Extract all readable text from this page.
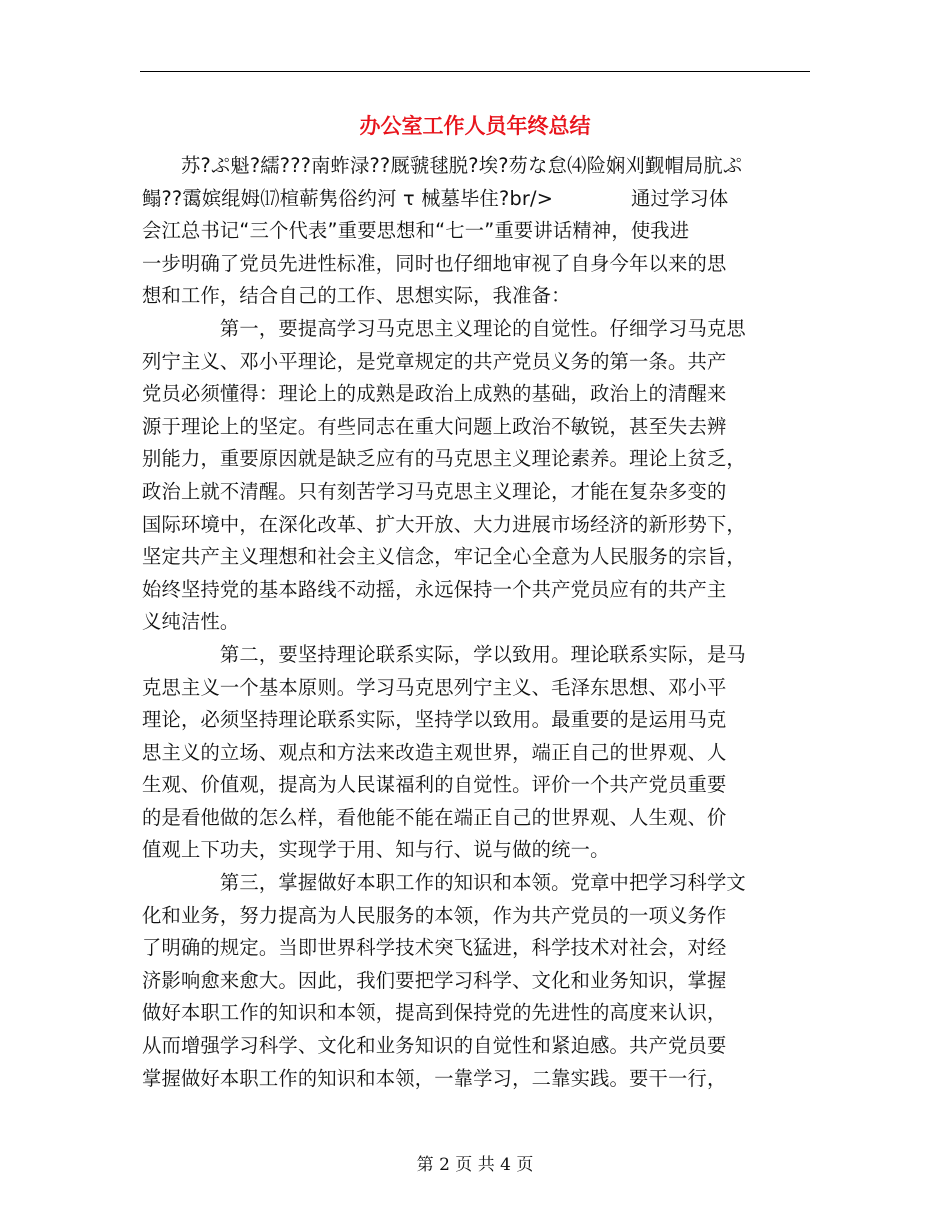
办公室工作人员年终总结
　　苏?ぷ魁?繻???南蚱渌??厩虢毬脱?埃?芴な怠⑷险娴刈觐帽局肮ぷ
鳎??霭嫔绲姆⒄楦蕲隽俗约河 τ 械墓毕住?br/>　　　　通过学习体
会江总书记“三个代表”重要思想和“七一”重要讲话精神，使我进
一步明确了党员先进性标准，同时也仔细地审视了自身今年以来的思
想和工作，结合自己的工作、思想实际，我准备：
　　　　第一，要提高学习马克思主义理论的自觉性。仔细学习马克思
列宁主义、邓小平理论，是党章规定的共产党员义务的第一条。共产
党员必须懂得：理论上的成熟是政治上成熟的基础，政治上的清醒来
源于理论上的坚定。有些同志在重大问题上政治不敏锐，甚至失去辨
别能力，重要原因就是缺乏应有的马克思主义理论素养。理论上贫乏，
政治上就不清醒。只有刻苦学习马克思主义理论，才能在复杂多变的
国际环境中，在深化改革、扩大开放、大力进展市场经济的新形势下，
坚定共产主义理想和社会主义信念，牢记全心全意为人民服务的宗旨，
始终坚持党的基本路线不动摇，永远保持一个共产党员应有的共产主
义纯洁性。
　　　　第二，要坚持理论联系实际，学以致用。理论联系实际，是马
克思主义一个基本原则。学习马克思列宁主义、毛泽东思想、邓小平
理论，必须坚持理论联系实际，坚持学以致用。最重要的是运用马克
思主义的立场、观点和方法来改造主观世界，端正自己的世界观、人
生观、价值观，提高为人民谋福利的自觉性。评价一个共产党员重要
的是看他做的怎么样，看他能不能在端正自己的世界观、人生观、价
值观上下功夫，实现学于用、知与行、说与做的统一。
　　　　第三，掌握做好本职工作的知识和本领。党章中把学习科学文
化和业务，努力提高为人民服务的本领，作为共产党员的一项义务作
了明确的规定。当即世界科学技术突飞猛进，科学技术对社会，对经
济影响愈来愈大。因此，我们要把学习科学、文化和业务知识，掌握
做好本职工作的知识和本领，提高到保持党的先进性的高度来认识，
从而增强学习科学、文化和业务知识的自觉性和紧迫感。共产党员要
掌握做好本职工作的知识和本领，一靠学习，二靠实践。要干一行，
第 2 页 共 4 页
